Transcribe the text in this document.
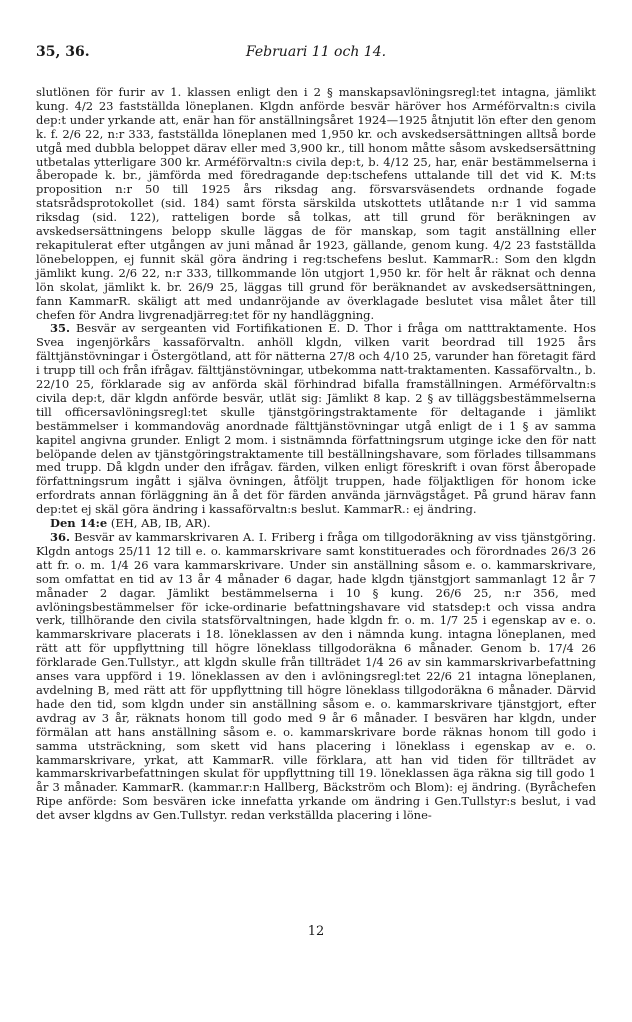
35, 36.	Februari 11 och 14.

slutlönen för furir av 1. klassen enligt den i 2 § manskapsavlöningsregl:tet intagna, jämlikt kung. 4/2 23 fastställda löneplanen. Klgdn anförde besvär häröver hos Arméförvaltn:s civila dep:t under yrkande att, enär han för anställningsåret 1924—1925 åtnjutit lön efter den genom k. f. 2/6 22, n:r 333, fastställda löneplanen med 1,950 kr. och avskedsersättningen alltså borde utgå med dubbla beloppet därav eller med 3,900 kr., till honom måtte såsom avskedsersättning utbetalas ytterligare 300 kr. Arméförvaltn:s civila dep:t, b. 4/12 25, har, enär bestämmelserna i åberopade k. br., jämförda med föredragande dep:tschefens uttalande till det vid K. M:ts proposition n:r 50 till 1925 års riksdag ang. försvarsväsendets ordnande fogade statsrådsprotokollet (sid. 184) samt första särskilda utskottets utlåtande n:r 1 vid samma riksdag (sid. 122), ratteligen borde så tolkas, att till grund för beräkningen av avskedsersättningens belopp skulle läggas de för manskap, som tagit anställning eller rekapitulerat efter utgången av juni månad år 1923, gällande, genom kung. 4/2 23 fastställda lönebeloppen, ej funnit skäl göra ändring i reg:tschefens beslut. KammarR.: Som den klgdn jämlikt kung. 2/6 22, n:r 333, tillkommande lön utgjort 1,950 kr. för helt år räknat och denna lön skolat, jämlikt k. br. 26/9 25, läggas till grund för beräknandet av avskedsersättningen, fann KammarR. skäligt att med undanröjande av överklagade beslutet visa målet åter till chefen för Andra livgrenadjärreg:tet för ny handläggning.

35. Besvär av sergeanten vid Fortifikationen E. D. Thor i fråga om natttraktamente. Hos Svea ingenjörkårs kassaförvaltn. anhöll klgdn, vilken varit beordrad till 1925 års fälttjänstövningar i Östergötland, att för nätterna 27/8 och 4/10 25, varunder han företagit färd i trupp till och från ifrågav. fälttjänstövningar, utbekomma natt-traktamenten. Kassaförvaltn., b. 22/10 25, förklarade sig av anförda skäl förhindrad bifalla framställningen. Arméförvaltn:s civila dep:t, där klgdn anförde besvär, utlät sig: Jämlikt 8 kap. 2 § av tilläggsbestämmelserna till officersavlöningsregl:tet skulle tjänstgöringstraktamente för deltagande i jämlikt bestämmelser i kommandoväg anordnade fälttjänstövningar utgå enligt de i 1 § av samma kapitel angivna grunder. Enligt 2 mom. i sistnämnda författningsrum utginge icke den för natt belöpande delen av tjänstgöringstraktamente till beställningshavare, som förlades tillsammans med trupp. Då klgdn under den ifrågav. färden, vilken enligt föreskrift i ovan först åberopade författningsrum ingått i själva övningen, åtföljt truppen, hade följaktligen för honom icke erfordrats annan förläggning än å det för färden använda järnvägståget. På grund härav fann dep:tet ej skäl göra ändring i kassaförvaltn:s beslut. KammarR.: ej ändring.

Den 14:e (EH, AB, IB, AR).

36. Besvär av kammarskrivaren A. I. Friberg i fråga om tillgodoräkning av viss tjänstgöring. Klgdn antogs 25/11 12 till e. o. kammarskrivare samt konstituerades och förordnades 26/3 26 att fr. o. m. 1/4 26 vara kammarskrivare. Under sin anställning såsom e. o. kammarskrivare, som omfattat en tid av 13 år 4 månader 6 dagar, hade klgdn tjänstgjort sammanlagt 12 år 7 månader 2 dagar. Jämlikt bestämmelserna i 10 § kung. 26/6 25, n:r 356, med avlöningsbestämmelser för icke-ordinarie befattningshavare vid statsdep:t och vissa andra verk, tillhörande den civila statsförvaltningen, hade klgdn fr. o. m. 1/7 25 i egenskap av e. o. kammarskrivare placerats i 18. löneklassen av den i nämnda kung. intagna löneplanen, med rätt att för uppflyttning till högre löneklass tillgodoräkna 6 månader. Genom b. 17/4 26 förklarade Gen.Tullstyr., att klgdn skulle från tillträdet 1/4 26 av sin kammarskrivarbefattning anses vara uppförd i 19. löneklassen av den i avlöningsregl:tet 22/6 21 intagna löneplanen, avdelning B, med rätt att för uppflyttning till högre löneklass tillgodoräkna 6 månader. Därvid hade den tid, som klgdn under sin anställning såsom e. o. kammarskrivare tjänstgjort, efter avdrag av 3 år, räknats honom till godo med 9 år 6 månader. I besvären har klgdn, under förmälan att hans anställning såsom e. o. kammarskrivare borde räknas honom till godo i samma utsträckning, som skett vid hans placering i löneklass i egenskap av e. o. kammarskrivare, yrkat, att KammarR. ville förklara, att han vid tiden för tillträdet av kammarskrivarbefattningen skulat för uppflyttning till 19. löneklassen äga räkna sig till godo 1 år 3 månader. KammarR. (kammar.r:n Hallberg, Bäckström och Blom): ej ändring. (Byråchefen Ripe anförde: Som besvären icke innefatta yrkande om ändring i Gen.Tullstyr:s beslut, i vad det avser klgdns av Gen.Tullstyr. redan verkställda placering i löne-

12
